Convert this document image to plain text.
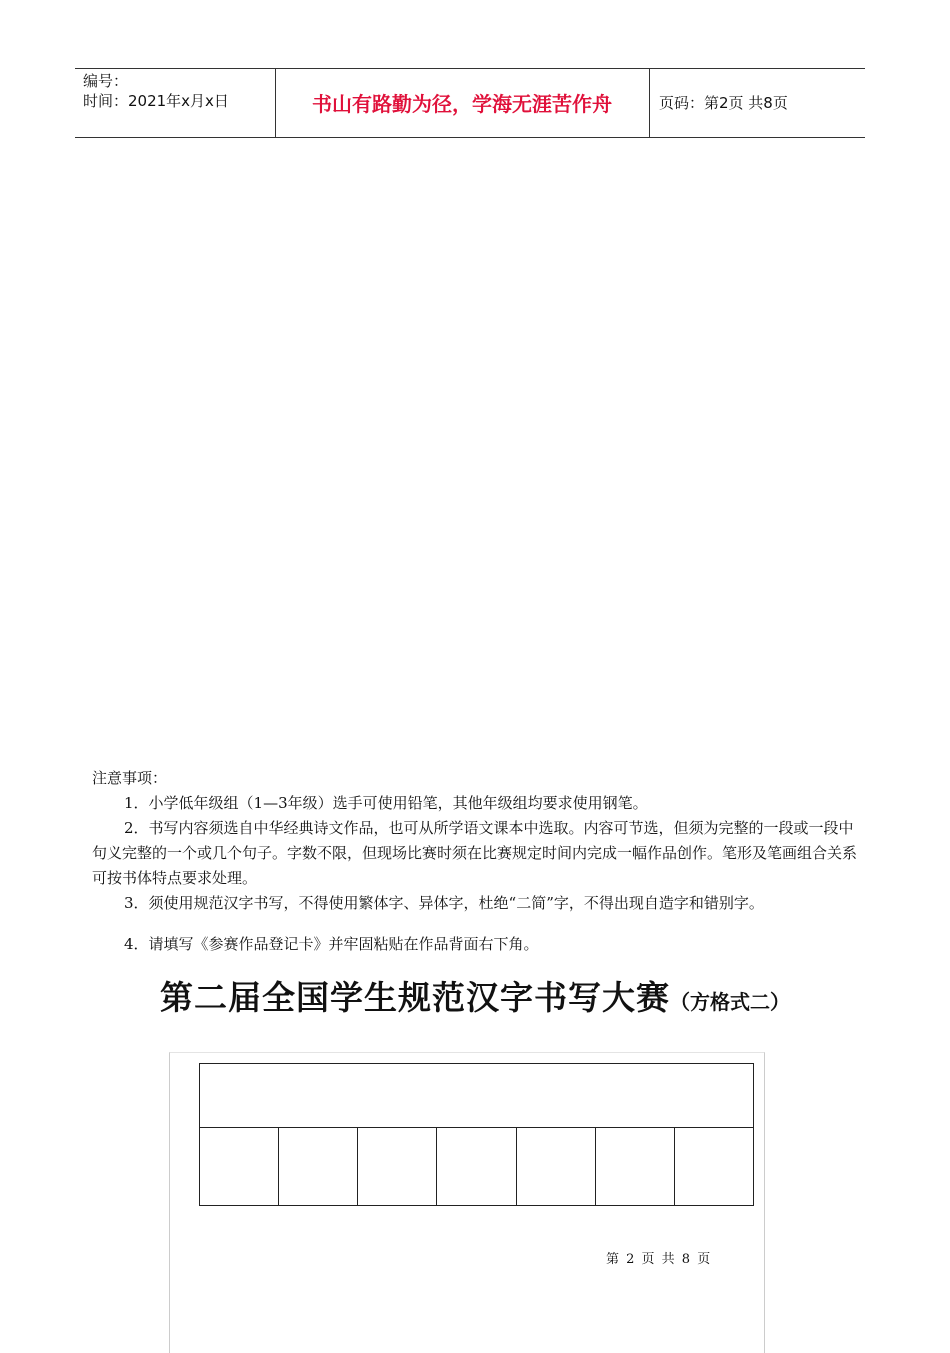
编号：
时间：2021年x月x日	书山有路勤为径，学海无涯苦作舟	页码：第2页 共8页

注意事项：

1．小学低年级组（1—3年级）选手可使用铅笔，其他年级组均要求使用钢笔。

2．书写内容须选自中华经典诗文作品，也可从所学语文课本中选取。内容可节选，但须为完整的一段或一段中句义完整的一个或几个句子。字数不限，但现场比赛时须在比赛规定时间内完成一幅作品创作。笔形及笔画组合关系可按书体特点要求处理。

3．须使用规范汉字书写，不得使用繁体字、异体字，杜绝“二简”字，不得出现自造字和错别字。

4．请填写《参赛作品登记卡》并牢固粘贴在作品背面右下角。

第二届全国学生规范汉字书写大赛（方格式二）
第 2 页 共 8 页
